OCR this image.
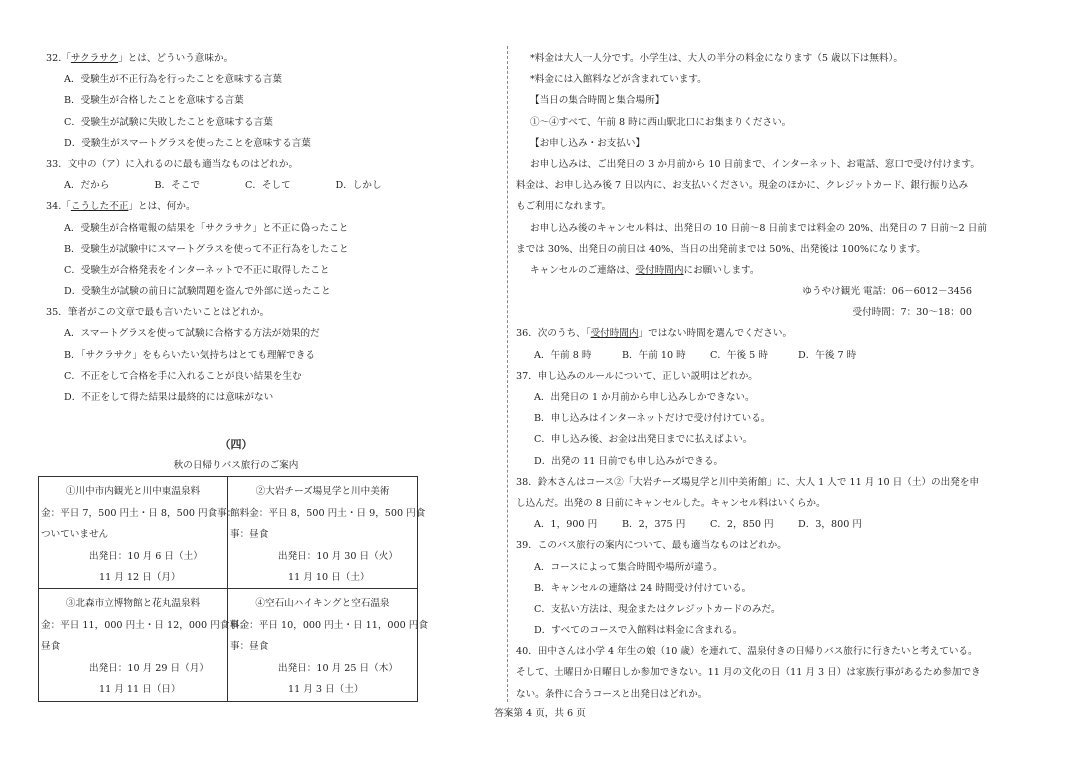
32.「サクラサク」とは、どういう意味か。
A．受験生が不正行為を行ったことを意味する言葉
B．受験生が合格したことを意味する言葉
C．受験生が試験に失敗したことを意味する言葉
D．受験生がスマートグラスを使ったことを意味する言葉
33．文中の（ア）に入れるのに最も適当なものはどれか。
A．だから	B．そこで	C．そして	D．しかし
34.「こうした不正」とは、何か。
A．受験生が合格電報の結果を「サクラサク」と不正に偽ったこと
B．受験生が試験中にスマートグラスを使って不正行為をしたこと
C．受験生が合格発表をインターネットで不正に取得したこと
D．受験生が試験の前日に試験問題を盗んで外部に送ったこと
35．筆者がこの文章で最も言いたいことはどれか。
A．スマートグラスを使って試験に合格する方法が効果的だ
B．「サクラサク」をもらいたい気持ちはとても理解できる
C．不正をして合格を手に入れることが良い結果を生む
D．不正をして得た結果は最終的には意味がない
（四）
秋の日帰りバス旅行のご案内
①川中市内観光と川中東温泉料
金：平日 7，500 円土・日 8，500 円食事：
ついていません
出発日：10 月 6 日（土）
11 月 12 日（月）
②大岩チーズ場見学と川中美術
館料金：平日 8，500 円土・日 9，500 円食
事：昼食
出発日：10 月 30 日（火）
11 月 10 日（土）
③北森市立博物館と花丸温泉料
金：平日 11，000 円土・日 12，000 円食事：
昼食
出発日：10 月 29 日（月）
11 月 11 日（日）
④空石山ハイキングと空石温泉
料金：平日 10，000 円土・日 11，000 円食
事：昼食
出発日：10 月 25 日（木）
11 月 3 日（土）
*料金は大人一人分です。小学生は、大人の半分の料金になります（5 歳以下は無料）。
*料金には入館料などが含まれています。
【当日の集合時間と集合場所】
①～④すべて、午前 8 時に西山駅北口にお集まりください。
【お申し込み・お支払い】
お申し込みは、ご出発日の 3 か月前から 10 日前まで、インターネット、お電話、窓口で受け付けます。
料金は、お申し込み後 7 日以内に、お支払いください。現金のほかに、クレジットカード、銀行振り込み
もご利用になれます。
お申し込み後のキャンセル料は、出発日の 10 日前～8 日前までは料金の 20%、出発日の 7 日前～2 日前
までは 30%、出発日の前日は 40%、当日の出発前までは 50%、出発後は 100%になります。
キャンセルのご連絡は、受付時間内にお願いします。
ゆうやけ観光 電話：06－6012－3456
受付時間：7：30～18：00
36．次のうち、「受付時間内」ではない時間を選んでください。
A．午前 8 時	B．午前 10 時	C．午後 5 時	D．午後 7 時
37．申し込みのルールについて、正しい説明はどれか。
A．出発日の 1 か月前から申し込みしかできない。
B．申し込みはインターネットだけで受け付けている。
C．申し込み後、お金は出発日までに払えばよい。
D．出発の 11 日前でも申し込みができる。
38．鈴木さんはコース②「大岩チーズ場見学と川中美術館」に、大人 1 人で 11 月 10 日（土）の出発を申
し込んだ。出発の 8 日前にキャンセルした。キャンセル料はいくらか。
A．1，900 円	B．2，375 円	C．2，850 円	D．3，800 円
39．このバス旅行の案内について、最も適当なものはどれか。
A．コースによって集合時間や場所が違う。
B．キャンセルの連絡は 24 時間受け付けている。
C．支払い方法は、現金またはクレジットカードのみだ。
D．すべてのコースで入館料は料金に含まれる。
40．田中さんは小学 4 年生の娘（10 歳）を連れて、温泉付きの日帰りバス旅行に行きたいと考えている。
そして、土曜日か日曜日しか参加できない。11 月の文化の日（11 月 3 日）は家族行事があるため参加でき
ない。条件に合うコースと出発日はどれか。
答案第 4 页，共 6 页
